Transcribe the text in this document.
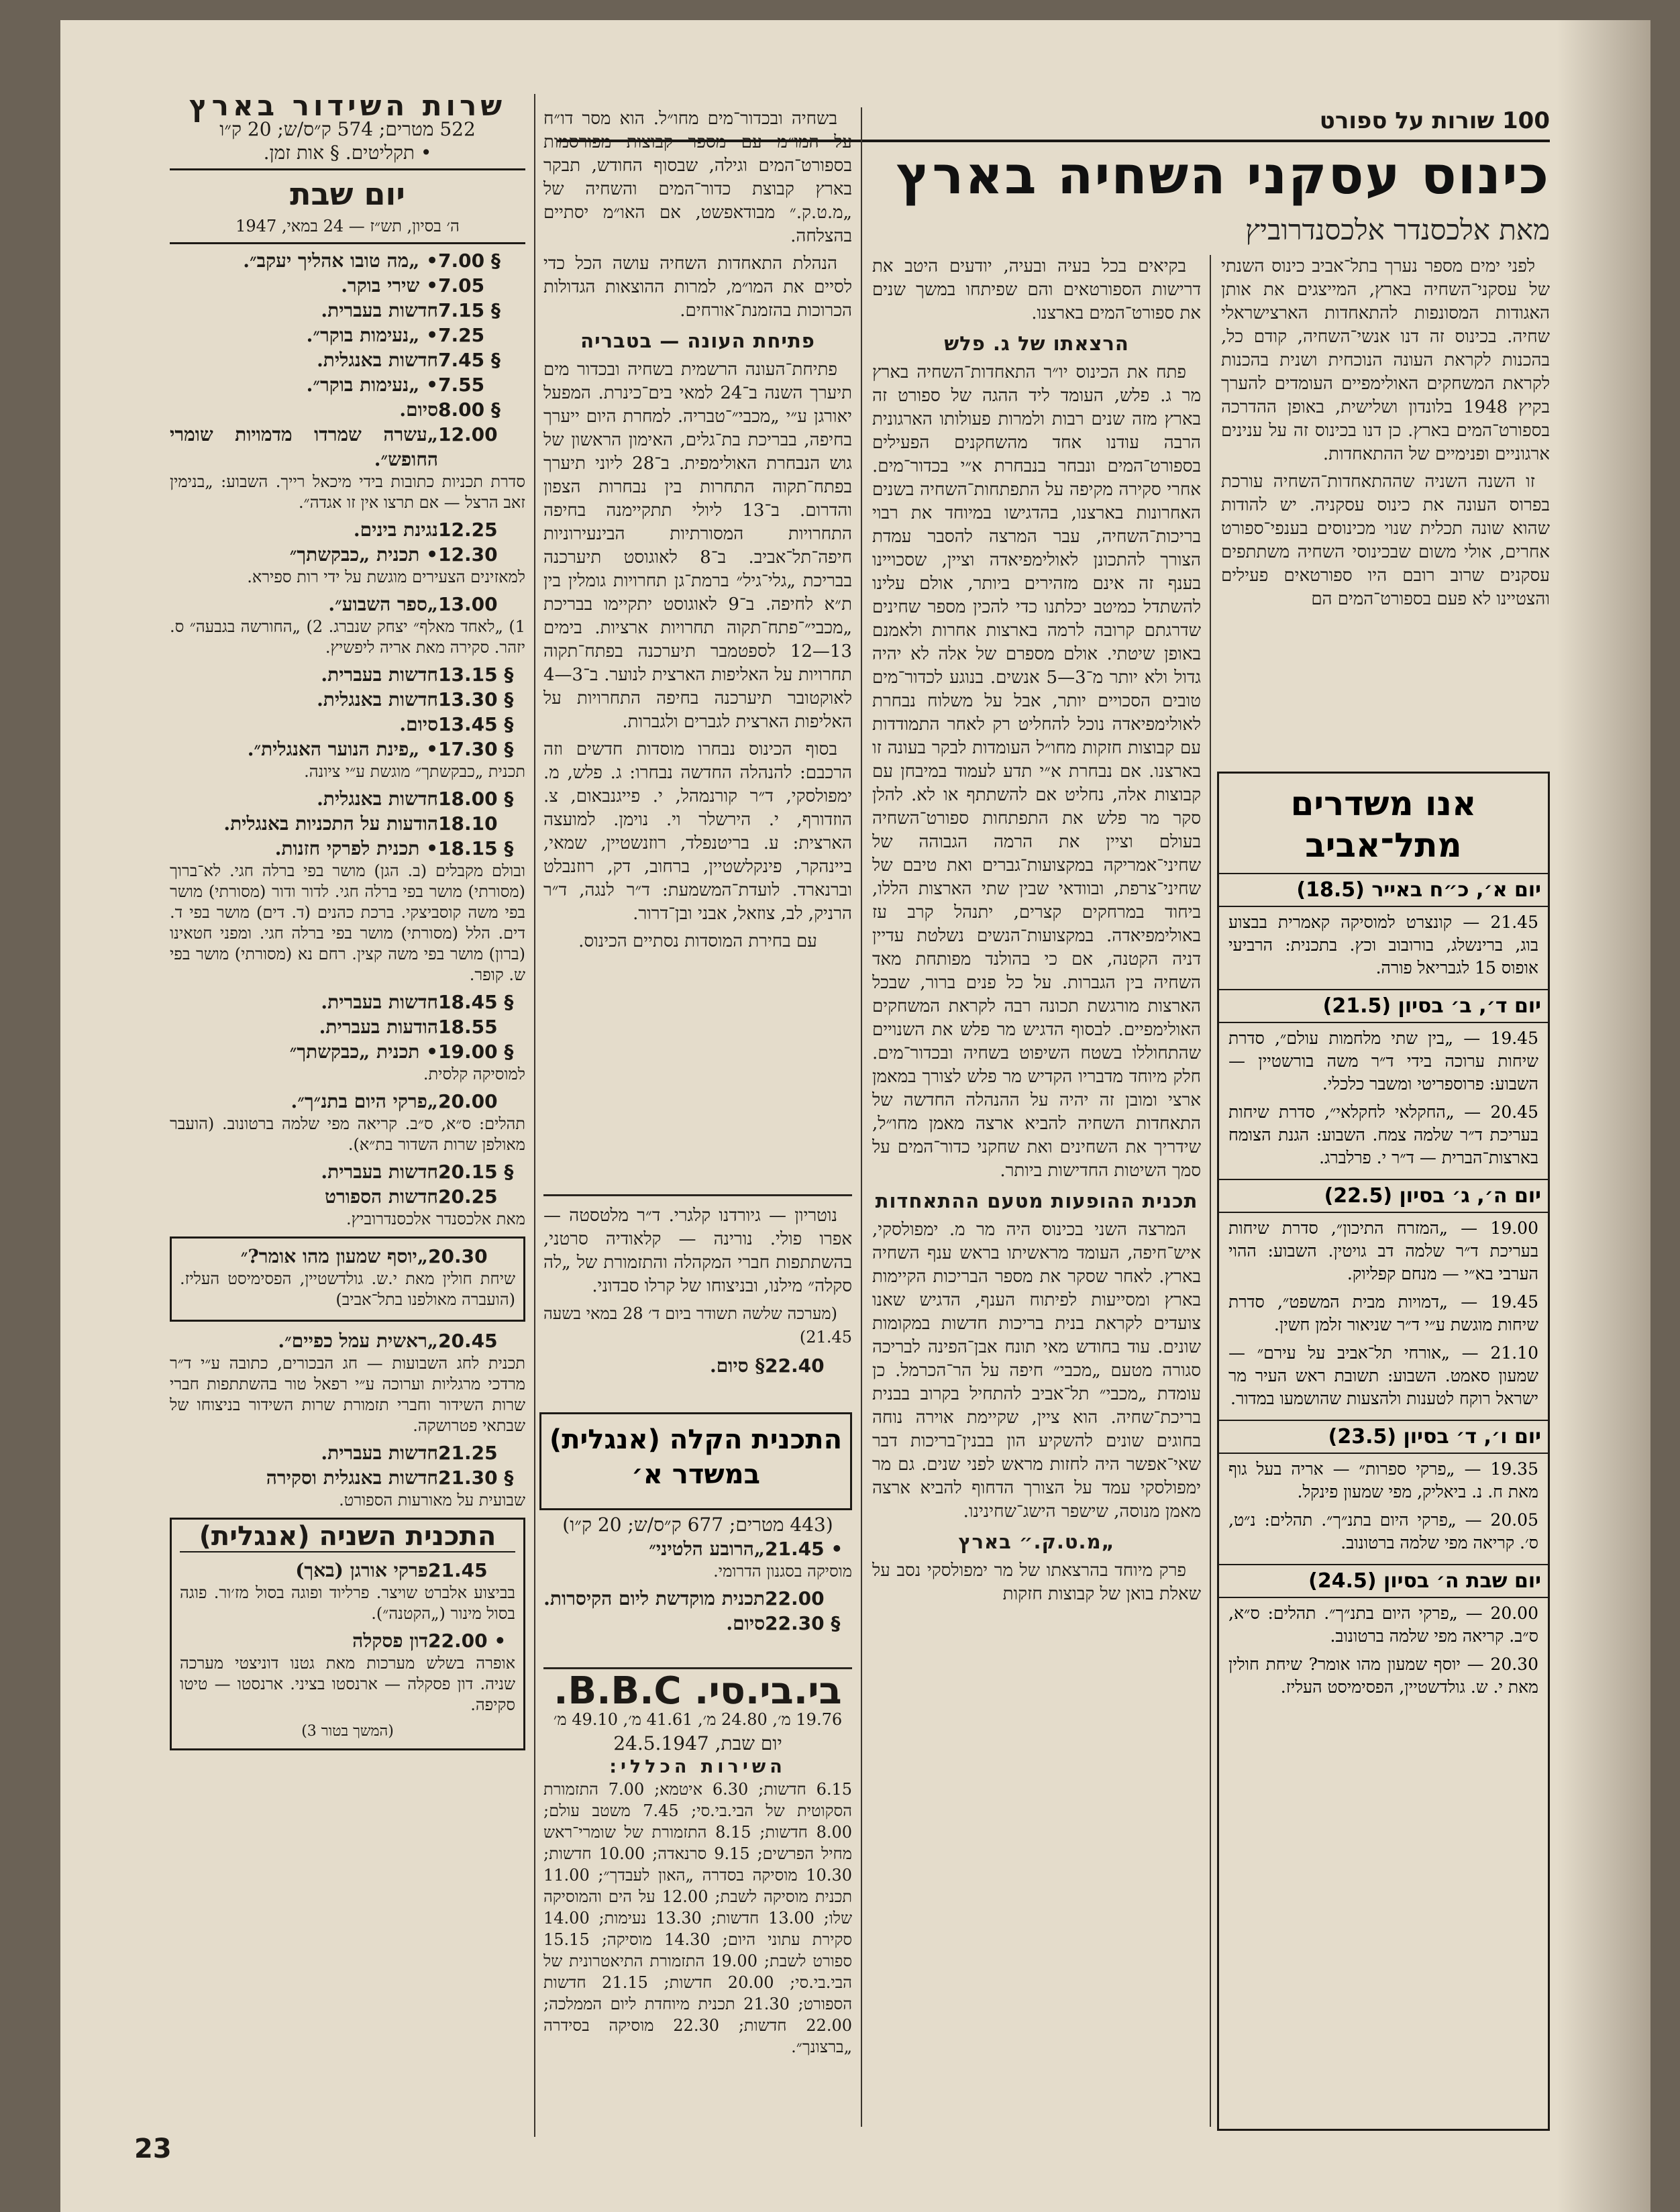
100 שורות על ספורט
כינוס עסקני השחיה בארץ
מאת אלכסנדר אלכסנדרוביץ

לפני ימים מספר נערך בתל־אביב כינוס השנתי של עסקני־השחיה בארץ, המייצגים את אותן האגודות המסונפות להתאחדות הארצישראלי שחיה. בכינוס זה דנו אנשי־השחיה, קודם כל, בהכנות לקראת העונה הנוכחית ושנית בהכנות לקראת המשחקים האולימפיים העומדים להערך בקיץ 1948 בלונדון ושלישית, באופן ההדרכה בספורט־המים בארץ. כן דנו בכינוס זה על ענינים ארגוניים ופנימיים של ההתאחדות.

זו השנה השניה שההתאחדות־השחיה עורכת בפרוס העונה את כינוס עסקניה. יש להודות שהוא שונה תכלית שנוי מכינוסים בענפי־ספורט אחרים, אולי משום שבכינוסי השחיה משתתפים עסקנים שרוב רובם היו ספורטאים פעילים והצטיינו לא פעם בספורט־המים הם

אנו משדרים מתל־אביב
יום א׳, כ״ח באייר (18.5)
21.45 — קונצרט למוסיקה קאמרית בבצוע בוג, ברינשלג, בורובוב וכץ. בתכנית: הרביעי אופוס 15 לגבריאל פורה.
יום ד׳, ב׳ בסיון (21.5)
19.45 — „בין שתי מלחמות עולם״, סדרת שיחות ערוכה בידי ד״ר משה בורשטיין — השבוע: פרוספריטי ומשבר כלכלי.
20.45 — „החקלאי לחקלאי״, סדרת שיחות בעריכת ד״ר שלמה צמח. השבוע: הגנת הצומח בארצות־הברית — ד״ר י. פרלברג.
יום ה׳, ג׳ בסיון (22.5)
19.00 — „המזרח התיכון״, סדרת שיחות בעריכת ד״ר שלמה דב גויטין. השבוע: ההוי הערבי בא״י — מנחם קפליוק.
19.45 — „דמויות מבית המשפט״, סדרת שיחות מוגשת ע״י ד״ר שניאור זלמן חשין.
21.10 — „אורחי תל־אביב על עירם״ — שמעון סאמט. השבוע: תשובת ראש העיר מר ישראל רוקח לטענות ולהצעות שהושמעו במדור.
יום ו׳, ד׳ בסיון (23.5)
19.35 — „פרקי ספרות״ — אריה בעל גוף מאת ח. נ. ביאליק, מפי שמעון פינקל.
20.05 — „פרקי היום בתנ״ך״. תהלים: נ״ט, ס׳. קריאה מפי שלמה ברטונוב.
יום שבת ה׳ בסיון (24.5)
20.00 — „פרקי היום בתנ״ך״. תהלים: ס״א, ס״ב. קריאה מפי שלמה ברטונוב.
20.30 — יוסף שמעון מהו אומר? שיחת חולין מאת י. ש. גולדשטיין, הפסימיסט העליז.

בקיאים בכל בעיה ובעיה, יודעים היטב את דרישות הספורטאים והם שפיתחו במשך שנים את ספורט־המים בארצנו.

הרצאתו של ג. פלש

פתח את הכינוס יו״ר התאחדות־השחיה בארץ מר ג. פלש, העומד ליד ההגה של ספורט זה בארץ מזה שנים רבות ולמרות פעולותו הארגונית הרבה עודנו אחד מהשחקנים הפעילים בספורט־המים ונבחר בנבחרת א״י בכדור־מים. אחרי סקירה מקיפה על התפתחות־השחיה בשנים האחרונות בארצנו, בהדגישו במיוחד את רבוי בריכות־השחיה, עבר המרצה להסבר עמדת הצורך להתכונן לאולימפיאדה וציין, שסכויינו בענף זה אינם מזהירים ביותר, אולם עלינו להשתדל כמיטב יכלתנו כדי להכין מספר שחינים שדרגתם קרובה לרמה בארצות אחרות ולאמנם באופן שיטתי. אולם מספרם של אלה לא יהיה גדול ולא יותר מ־3—5 אנשים. בנוגע לכדור־מים טובים הסכויים יותר, אבל על משלוח נבחרת לאולימפיאדה נוכל להחליט רק לאחר התמודדות עם קבוצות חזקות מחו״ל העומדות לבקר בעונה זו בארצנו. אם נבחרת א״י תדע לעמוד במיבחן עם קבוצות אלה, נחליט אם להשתתף או לא. להלן סקר מר פלש את התפתחות ספורט־השחיה בעולם וציין את הרמה הגבוהה של שחיני־אמריקה במקצועות־גברים ואת טיבם של שחיני־צרפת, ובוודאי שבין שתי הארצות הללו, ביחוד במרחקים קצרים, יתנהל קרב עז באולימפיאדה. במקצועות־הנשים נשלטת עדיין דניה הקטנה, אם כי בהולנד מפותחת מאד השחיה בין הגברות. על כל פנים ברור, שבכל הארצות מורגשת תכונה רבה לקראת המשחקים האולימפיים. לבסוף הדגיש מר פלש את השנויים שהתחוללו בשטח השיפוט בשחיה ובכדור־מים. חלק מיוחד מדבריו הקדיש מר פלש לצורך במאמן ארצי ומובן זה יהיה על ההנהלה החדשה של התאחדות השחיה להביא ארצה מאמן מחו״ל, שידריך את השחינים ואת שחקני כדור־המים על סמך השיטות החדישות ביותר.

תכנית ההופעות מטעם ההתאחדות

המרצה השני בכינוס היה מר מ. ימפולסקי, איש־חיפה, העומד מראשיתו בראש ענף השחיה בארץ. לאחר שסקר את מספר הבריכות הקיימות בארץ ומסייעות לפיתוח הענף, הדגיש שאנו צועדים לקראת בנית בריכות חדשות במקומות שונים. עוד בחודש מאי תונח אבן־הפינה לבריכה סגורה מטעם „מכבי״ חיפה על הר־הכרמל. כן עומדת „מכבי״ תל־אביב להתחיל בקרוב בבנית בריכת־שחיה. הוא ציין, שקיימת אוירה נוחה בחוגים שונים להשקיע הון בבנין־בריכות דבר שאי־אפשר היה לחזות מראש לפני שנים. גם מר ימפולסקי עמד על הצורך הדחוף להביא ארצה מאמן מנוסה, שישפר הישג־שחינינו.

„מ.ט.ק.״ בארץ

פרק מיוחד בהרצאתו של מר ימפולסקי נסב על שאלת בואן של קבוצות חזקות

בשחיה ובכדור־מים מחו״ל. הוא מסר דו״ח על המו״מ עם מספר קבוצות מפורסמות בספורט־המים וגילה, שבסוף החודש, תבקר בארץ קבוצת כדור־המים והשחיה של „מ.ט.ק.״ מבודאפשט, אם האו״מ יסתיים בהצלחה.

הנהלת התאחדות השחיה עושה הכל כדי לסיים את המו״מ, למרות ההוצאות הגדולות הכרוכות בהזמנת־אורחים.

פתיחת העונה — בטבריה

פתיחת־העונה הרשמית בשחיה ובכדור מים תיערך השנה ב־24 למאי בים־כינרת. המפעל יאורגן ע״י „מכבי״־טבריה. למחרת היום ייערך בחיפה, בבריכת בת־גלים, האימון הראשון של גוש הנבחרת האולימפית. ב־28 ליוני תיערך בפתח־תקוה התחרות בין נבחרות הצפון והדרום. ב־13 ליולי תתקיימנה בחיפה התחרויות המסורתיות הבינעירוניות חיפה־תל־אביב. ב־8 לאוגוסט תיערכנה בבריכת „גלי־גיל״ ברמת־גן תחרויות גומלין בין ת״א לחיפה. ב־9 לאוגוסט יתקיימו בבריכת „מכבי״־פתח־תקוה תחרויות ארציות. בימים 13—12 לספטמבר תיערכנה בפתח־תקוה תחרויות על האליפות הארצית לנוער. ב־3—4 לאוקטובר תיערכנה בחיפה התחרויות על האליפות הארצית לגברים ולגברות.

בסוף הכינוס נבחרו מוסדות חדשים וזה הרכבם: להנהלה החדשה נבחרו: ג. פלש, מ. ימפולסקי, ד״ר קורנמהל, י. פייגנבאום, צ. הוזדורף, י. הירשלר וי. נוימן. למועצה הארצית: ע. בריטנפלד, רוזנשטיין, שמאי, ביינהקר, פינקלשטיין, ברחוב, דק, רוזנבלט וברנארד. לועדת־המשמעת: ד״ר לנגה, ד״ר הרניק, לב, צוזאל, אבני ובן־דרור.

עם בחירת המוסדות נסתיים הכינוס.

נוטריון — גיורדנו קלגרי. ד״ר מלטסטה — אפרו פולי. נורינה — קלאודיה סרטני, בהשתתפות חברי המקהלה והתזמורת של „לה סקלה״ מילנו, ובניצוחו של קרלו סבדוני.

(מערכה שלשה תשודר ביום ד׳ 28 במאי בשעה 21.45)

22.40
§ סיום.
התכנית הקלה (אנגלית) במשדר א׳
(443 מטרים; 677 ק״ס/ש; 20 ק״ו)
21.45 •
„הרובע הלטיני״
מוסיקה בסגנון הדרומי.
22.00
תכנית מוקדשת ליום הקיסרות.
22.30 §
סיום.
בי.בי.סי. B.B.C.
19.76 מ׳, 24.80 מ׳, 41.61 מ׳, 49.10 מ׳
יום שבת, 24.5.1947
השירות הכללי:
6.15 חדשות; 6.30 איטמא; 7.00 התזמורת הסקוטית של הבי.בי.סי; 7.45 משטב עולם; 8.00 חדשות; 8.15 התזמורת של שומרי־ראש מחיל הפרשים; 9.15 סרנאדה; 10.00 חדשות; 10.30 מוסיקה בסדרה „האון לעבדך״; 11.00 תכנית מוסיקה לשבת; 12.00 על הים והמוסיקה שלו; 13.00 חדשות; 13.30 נעימות; 14.00 סקירת עתוני היום; 14.30 מוסיקה; 15.15 ספורט לשבת; 19.00 התזמורת התיאטרונית של הבי.בי.סי; 20.00 חדשות; 21.15 חדשות הספורט; 21.30 תכנית מיוחדת ליום הממלכה; 22.00 חדשות; 22.30 מוסיקה בסידרה „ברצונך״.
שרות השידור בארץ
522 מטרים; 574 ק״ס/ש; 20 ק״ו
• תקליטים. § אות זמן.
יום שבת
ה׳ בסיון, תש״ז — 24 במאי, 1947
7.00 §
• „מה טובו אהליך יעקב״.
7.05
• שירי בוקר.
7.15 §
חדשות בעברית.
7.25
• „נעימות בוקר״.
7.45 §
חדשות באנגלית.
7.55
• „נעימות בוקר״.
8.00 §
סיום.
12.00
„עשרה שמרדו מדמויות שומרי החופש״.
סדרת תכניות כתובות בידי מיכאל רייך. השבוע: „בנימין זאב הרצל — אם תרצו אין זו אגדה״.
12.25
נגינת בינים.
12.30
• תכנית „כבקשתך״
למאזינים הצעירים מוגשת על ידי רות ספירא.
13.00
„ספר השבוע״.
1) „לאחד מאלף״ יצחק שנברג. 2) „החורשה בגבעה״ ס. יזהר. סקירה מאת אריה ליפשיץ.
13.15 §
חדשות בעברית.
13.30 §
חדשות באנגלית.
13.45 §
סיום.
17.30 §
• „פינת הנוער האנגלית״.
תכנית „כבקשתך״ מוגשת ע״י ציונה.
18.00 §
חדשות באנגלית.
18.10
הודעות על התכניות באנגלית.
18.15 §
• תכנית לפרקי חזנות.
ובולם מקבלים (ב. הגן) מושר בפי ברלה חגי. לא־ברוך (מסורתי) מושר בפי ברלה חגי. לדור ודור (מסורתי) מושר בפי משה קוסביצקי. ברכת כהנים (ד. דים) מושר בפי ד. דים. הלל (מסורתי) מושר בפי ברלה חגי. ומפני חטאינו (ברון) מושר בפי משה קצין. רחם נא (מסורתי) מושר בפי ש. קופר.
18.45 §
חדשות בעברית.
18.55
הודעות בעברית.
19.00 §
• תכנית „כבקשתך״
למוסיקה קלסית.
20.00
„פרקי היום בתנ״ך״.
תהלים: ס״א, ס״ב. קריאה מפי שלמה ברטונוב. (הועבר מאולפן שרות השדור בת״א).
20.15 §
חדשות בעברית.
20.25
חדשות הספורט
מאת אלכסנדר אלכסנדרוביץ.
20.30
„יוסף שמעון מהו אומר?״
שיחת חולין מאת י.ש. גולדשטיין, הפסימיסט העליז. (הועברה מאולפנו בתל־אביב)
20.45
„ראשית עמל כפיים״.
תכנית לחג השבועות — חג הבכורים, כתובה ע״י ד״ר מרדכי מרגליות וערוכה ע״י רפאל טור בהשתתפות חברי שרות השידור וחברי תזמורת שרות השידור בניצוחו של שבתאי פטרושקה.
21.25
חדשות בעברית.
21.30 §
חדשות באנגלית וסקירה
שבועית על מאורעות הספורט.
התכנית השניה (אנגלית)
21.45
פרקי אורגן (באך)
בביצוע אלברט שויצר. פרליוד ופוגה בסול מז׳ור. פוגה בסול מינור („הקטנה״).
22.00 •
דון פסקלה
אופרה בשלש מערכות מאת גטנו דוניצטי מערכה שניה. דון פסקלה — ארנסטו בציני. ארנסטו — טיטו סקיפה.
(המשך בטור 3)
23
